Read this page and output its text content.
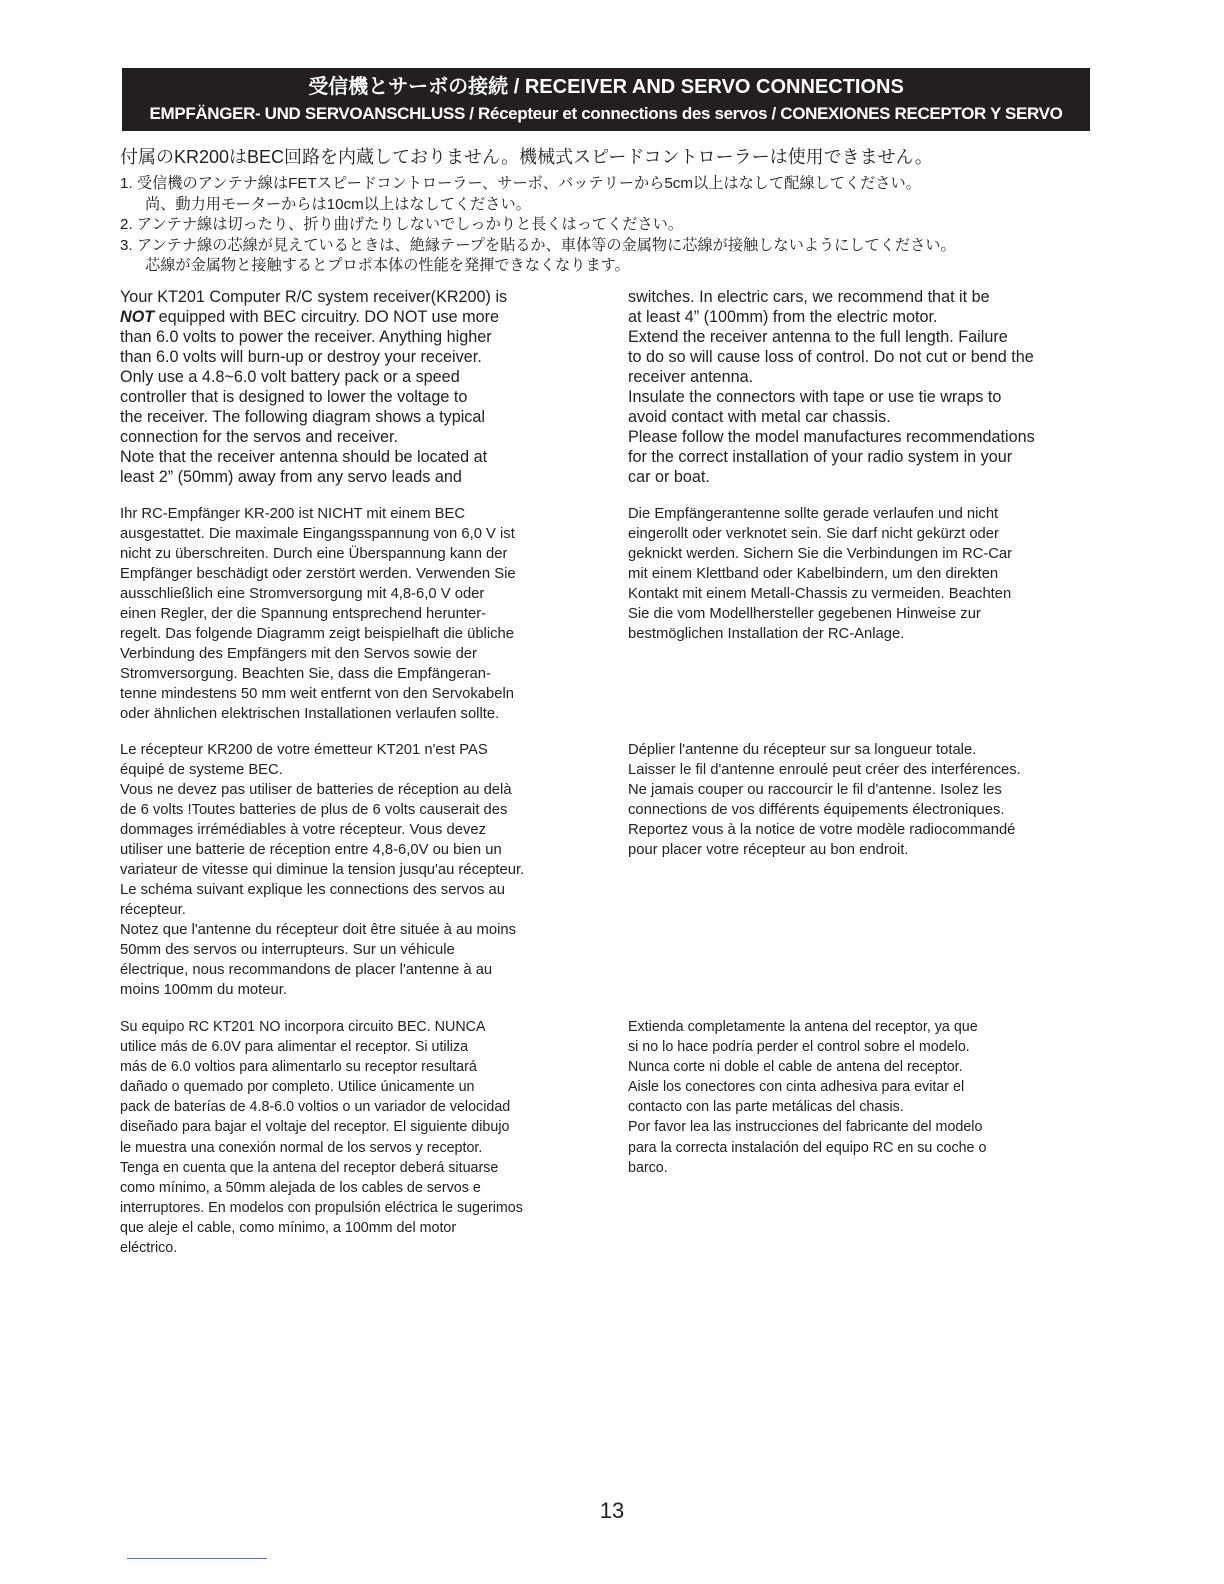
受信機とサーボの接続 / RECEIVER AND SERVO CONNECTIONS
EMPFÄNGER- UND SERVOANSCHLUSS / Récepteur et connections des servos / CONEXIONES RECEPTOR Y SERVO
付属のKR200はBEC回路を内蔵しておりません。機械式スピードコントローラーは使用できません。
1. 受信機のアンテナ線はFETスピードコントローラー、サーボ、バッテリーから5cm以上はなして配線してください。
尚、動力用モーターからは10cm以上はなしてください。
2. アンテナ線は切ったり、折り曲げたりしないでしっかりと長くはってください。
3. アンテナ線の芯線が見えているときは、絶縁テープを貼るか、車体等の金属物に芯線が接触しないようにしてください。
芯線が金属物と接触するとプロポ本体の性能を発揮できなくなります。

Your KT201 Computer R/C system receiver(KR200) is
NOT equipped with BEC circuitry. DO NOT use more
than 6.0 volts to power the receiver. Anything higher
than 6.0 volts will burn-up or destroy your receiver.
Only use a 4.8~6.0 volt battery pack or a speed
controller that is designed to lower the voltage to
the receiver. The following diagram shows a typical
connection for the servos and receiver.
Note that the receiver antenna should be located at
least 2” (50mm) away from any servo leads and

switches. In electric cars, we recommend that it be
at least 4” (100mm) from the electric motor.
Extend the receiver antenna to the full length. Failure
to do so will cause loss of control. Do not cut or bend the
receiver antenna.
Insulate the connectors with tape or use tie wraps to
avoid contact with metal car chassis.
Please follow the model manufactures recommendations
for the correct installation of your radio system in your
car or boat.

Ihr RC-Empfänger KR-200 ist NICHT mit einem BEC
ausgestattet. Die maximale Eingangsspannung von 6,0 V ist
nicht zu überschreiten. Durch eine Überspannung kann der
Empfänger beschädigt oder zerstört werden. Verwenden Sie
ausschließlich eine Stromversorgung mit 4,8-6,0 V oder
einen Regler, der die Spannung entsprechend herunter-
regelt. Das folgende Diagramm zeigt beispielhaft die übliche
Verbindung des Empfängers mit den Servos sowie der
Stromversorgung. Beachten Sie, dass die Empfängeran-
tenne mindestens 50 mm weit entfernt von den Servokabeln
oder ähnlichen elektrischen Installationen verlaufen sollte.

Die Empfängerantenne sollte gerade verlaufen und nicht
eingerollt oder verknotet sein. Sie darf nicht gekürzt oder
geknickt werden. Sichern Sie die Verbindungen im RC-Car
mit einem Klettband oder Kabelbindern, um den direkten
Kontakt mit einem Metall-Chassis zu vermeiden. Beachten
Sie die vom Modellhersteller gegebenen Hinweise zur
bestmöglichen Installation der RC-Anlage.

Le récepteur KR200 de votre émetteur KT201 n'est PAS
équipé de systeme BEC.
Vous ne devez pas utiliser de batteries de réception au delà
de 6 volts !Toutes batteries de plus de 6 volts causerait des
dommages irrémédiables à votre récepteur. Vous devez
utiliser une batterie de réception entre 4,8-6,0V ou bien un
variateur de vitesse qui diminue la tension jusqu'au récepteur.
Le schéma suivant explique les connections des servos au
récepteur.
Notez que l'antenne du récepteur doit être située à au moins
50mm des servos ou interrupteurs. Sur un véhicule
électrique, nous recommandons de placer l'antenne à au
moins 100mm du moteur.

Déplier l'antenne du récepteur sur sa longueur totale.
Laisser le fil d'antenne enroulé peut créer des interférences.
Ne jamais couper ou raccourcir le fil d'antenne. Isolez les
connections de vos différents équipements électroniques.
Reportez vous à la notice de votre modèle radiocommandé
pour placer votre récepteur au bon endroit.

Su equipo RC KT201 NO incorpora circuito BEC. NUNCA
utilice más de 6.0V para alimentar el receptor. Si utiliza
más de 6.0 voltios para alimentarlo su receptor resultará
dañado o quemado por completo. Utilice únicamente un
pack de baterías de 4.8-6.0 voltios o un variador de velocidad
diseñado para bajar el voltaje del receptor. El siguiente dibujo
le muestra una conexión normal de los servos y receptor.
Tenga en cuenta que la antena del receptor deberá situarse
como mínimo, a 50mm alejada de los cables de servos e
interruptores. En modelos con propulsión eléctrica le sugerimos
que aleje el cable, como mínimo, a 100mm del motor
eléctrico.

Extienda completamente la antena del receptor, ya que
si no lo hace podría perder el control sobre el modelo.
Nunca corte ni doble el cable de antena del receptor.
Aisle los conectores con cinta adhesiva para evitar el
contacto con las parte metálicas del chasis.
Por favor lea las instrucciones del fabricante del modelo
para la correcta instalación del equipo RC en su coche o
barco.

13
